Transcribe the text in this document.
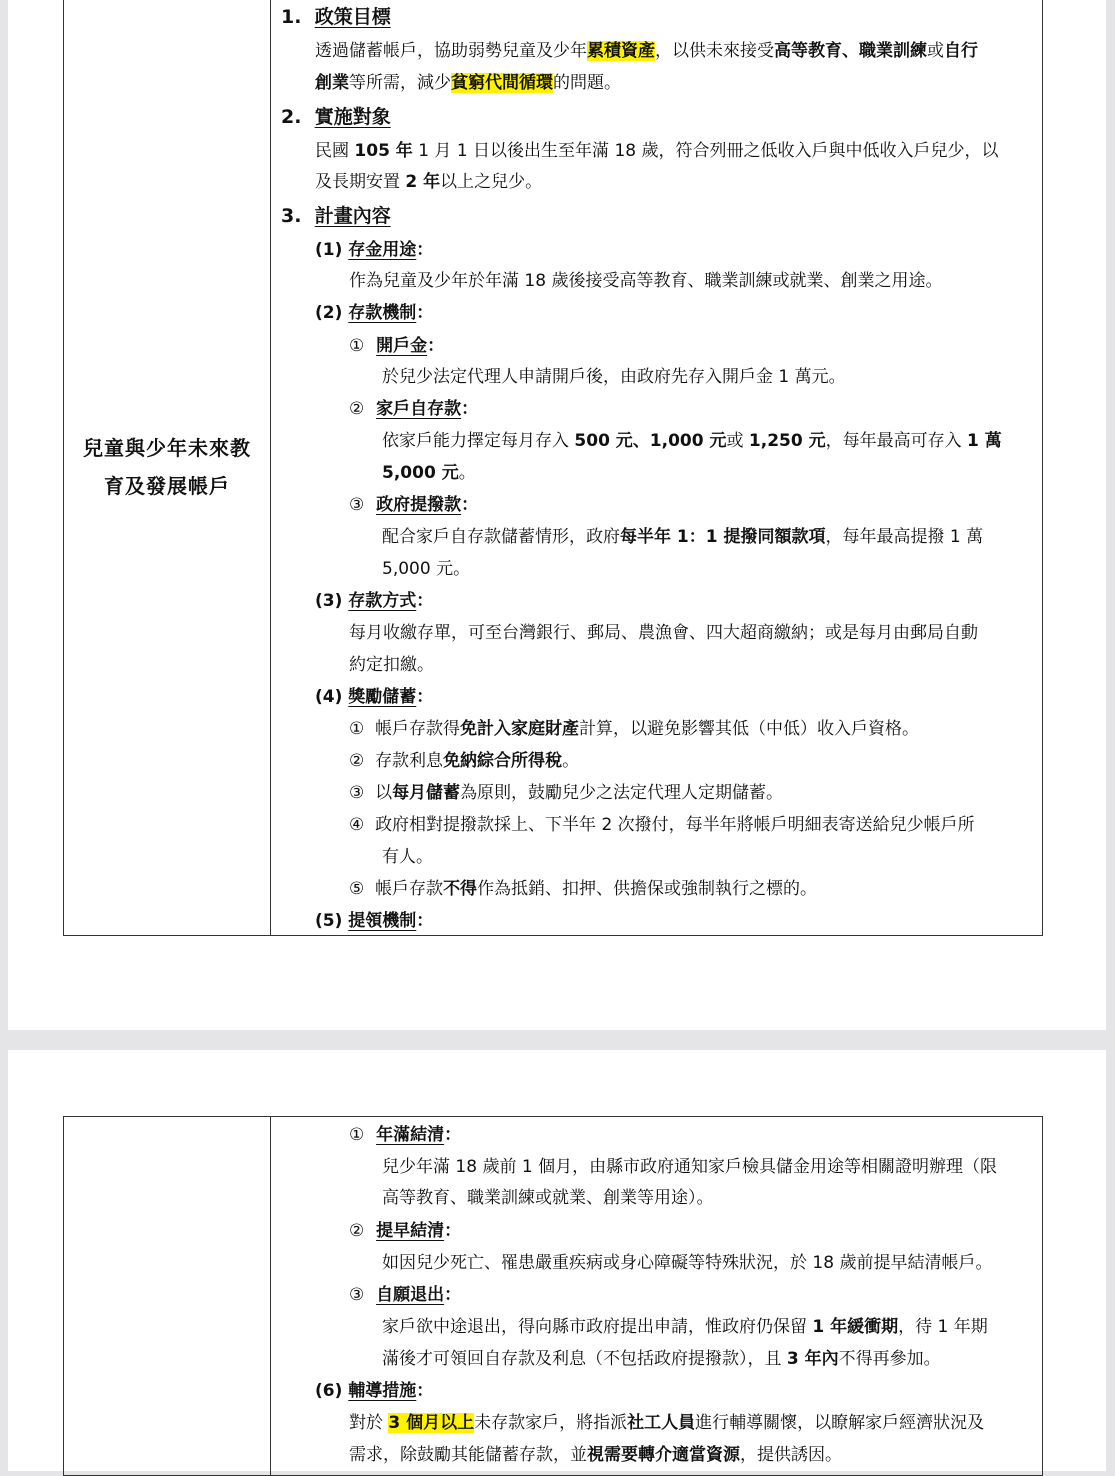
兒童與少年未來教
育及發展帳戶

1. 政策目標
透過儲蓄帳戶，協助弱勢兒童及少年累積資產，以供未來接受高等教育、職業訓練或自行
創業等所需，減少貧窮代間循環的問題。
2. 實施對象
民國 105 年 1 月 1 日以後出生至年滿 18 歲，符合列冊之低收入戶與中低收入戶兒少，以
及長期安置 2 年以上之兒少。
3. 計畫內容
(1) 存金用途：
作為兒童及少年於年滿 18 歲後接受高等教育、職業訓練或就業、創業之用途。
(2) 存款機制：
① 開戶金：
於兒少法定代理人申請開戶後，由政府先存入開戶金 1 萬元。
② 家戶自存款：
依家戶能力擇定每月存入 500 元、1,000 元或 1,250 元，每年最高可存入 1 萬
5,000 元。
③ 政府提撥款：
配合家戶自存款儲蓄情形，政府每半年 1：1 提撥同額款項，每年最高提撥 1 萬
5,000 元。
(3) 存款方式：
每月收繳存單，可至台灣銀行、郵局、農漁會、四大超商繳納；或是每月由郵局自動
約定扣繳。
(4) 獎勵儲蓄：
① 帳戶存款得免計入家庭財產計算，以避免影響其低（中低）收入戶資格。
② 存款利息免納綜合所得稅。
③ 以每月儲蓄為原則，鼓勵兒少之法定代理人定期儲蓄。
④ 政府相對提撥款採上、下半年 2 次撥付，每半年將帳戶明細表寄送給兒少帳戶所
有人。
⑤ 帳戶存款不得作為抵銷、扣押、供擔保或強制執行之標的。
(5) 提領機制：

① 年滿結清：
兒少年滿 18 歲前 1 個月，由縣市政府通知家戶檢具儲金用途等相關證明辦理（限
高等教育、職業訓練或就業、創業等用途）。
② 提早結清：
如因兒少死亡、罹患嚴重疾病或身心障礙等特殊狀況，於 18 歲前提早結清帳戶。
③ 自願退出：
家戶欲中途退出，得向縣市政府提出申請，惟政府仍保留 1 年緩衝期，待 1 年期
滿後才可領回自存款及利息（不包括政府提撥款），且 3 年內不得再參加。
(6) 輔導措施：
對於 3 個月以上未存款家戶，將指派社工人員進行輔導關懷，以瞭解家戶經濟狀況及
需求，除鼓勵其能儲蓄存款，並視需要轉介適當資源，提供誘因。
